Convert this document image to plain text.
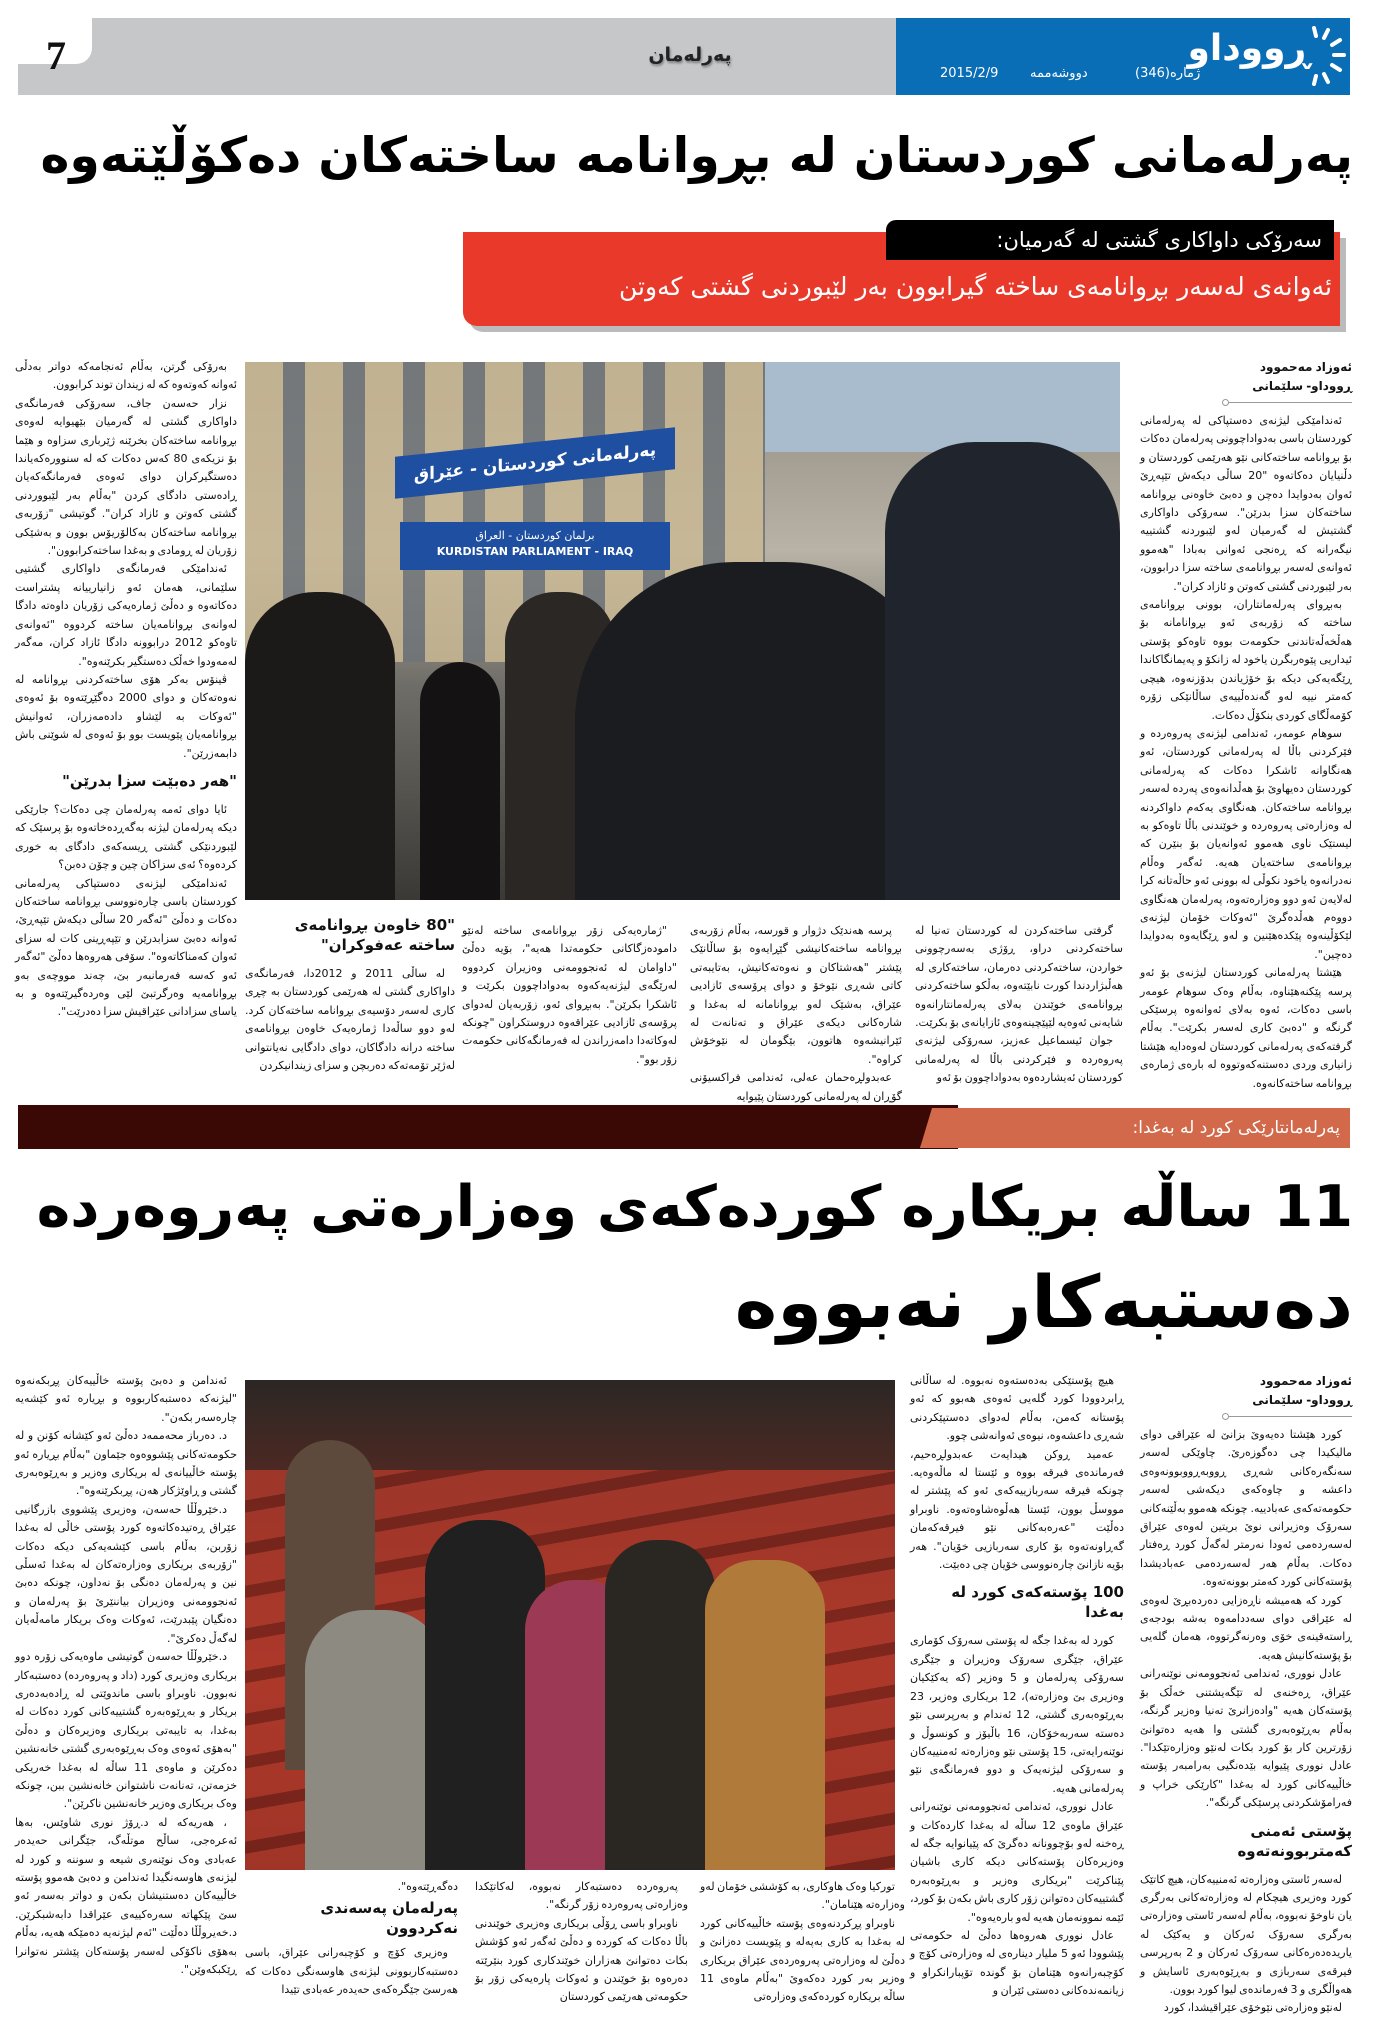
7	پەرلەمان	ڕووداو
ژمارە(346)
دووشەممە
2015/2/9
پەرلەمانی کوردستان لە بڕوانامە ساختەکان دەکۆڵێتەوە
سەرۆکی داواکاری گشتی لە گەرمیان:
ئەوانەی لەسەر بڕوانامەی ساختە گیرابوون بەر لێبوردنی گشتی کەوتن
ئەوزاد مەحموود
ڕووداو- سلێمانی

ئەندامێکی لیژنەی دەستپاکی لە پەرلەمانی کوردستان باسی بەدواداچوونی پەرلەمان دەکات بۆ بڕوانامە ساختەکانی نێو هەرێمی کوردستان و دڵنیایان دەکاتەوە "20 ساڵی دیکەش تێپەڕێ ئەوان بەدوایدا دەچن و دەبێ خاوەنی بڕوانامە ساختەکان سزا بدرێن". سەرۆکی داواکاری گشتیش لە گەرمیان لەو لێبوردنە گشتییە نیگەرانە کە ڕەنجی ئەوانی بەبادا "هەموو ئەوانەی لەسەر بڕوانامەی ساختە سزا درابوون، بەر لێبوردنی گشتی کەوتن و ئازاد کران".

بەبڕوای پەرلەمانتاران، بوونی بڕوانامەی ساختە کە زۆربەی ئەو بڕوانامانە بۆ هەڵخەڵەتاندنی حکومەت بووە تاوەکو پۆستی ئیداریی پێوەربگرن یاخود لە زانکۆ و پەیمانگاکاندا ڕێگەیەکی دیکە بۆ خۆژیاندن بدۆزنەوە، هیچی کەمتر نییە لەو گەندەڵییەی ساڵانێکی زۆرە کۆمەڵگای کوردی بنکۆڵ دەکات.

سوهام عومەر، ئەندامی لیژنەی پەروەردە و فێرکردنی باڵا لە پەرلەمانی کوردستان، ئەو هەنگاوانە ئاشکرا دەکات کە پەرلەمانی کوردستان دەیهاوێ بۆ هەڵدانەوەی پەردە لەسەر بڕوانامە ساختەکان. هەنگاوی یەکەم داواکردنە لە وەزارەتی پەروەردە و خوێندنی باڵا تاوەکو بە لیستێک ناوی هەموو ئەوانەیان بۆ بنێرن کە بڕوانامەی ساختەیان هەیە. ئەگەر وەڵام نەدرانەوە یاخود نکوڵی لە بوونی ئەو حاڵەتانە کرا لەلایەن ئەو دوو وەزارەتەوە، پەرلەمان هەنگاوی دووەم هەڵدەگرێ "ئەوکات خۆمان لیژنەی لێکۆڵینەوە پێکدەهێنین و لەو ڕێگایەوە بەدوایدا دەچین".

هێشتا پەرلەمانی کوردستان لیژنەی بۆ ئەو پرسە پێکنەهێناوە، بەڵام وەک سوهام عومەر باسی دەکات، ئەوە بەلای ئەوانەوە پرسێکی گرنگە و "دەبێ کاری لەسەر بکرێت". بەڵام گرفتەکەی پەرلەمانی کوردستان لەوەدایە هێشتا زانیاری وردی دەستنەکەوتووە لە بارەی ژمارەی بڕوانامە ساختەکانەوە.

پەرلەمانی کوردستان - عێراق
برلمان كوردستان - العراق
KURDISTAN PARLIAMENT - IRAQ

گرفتی ساختەکردن لە کوردستان تەنیا لە ساختەکردنی دراو، ڕۆژی بەسەرچوونی خواردن، ساختەکردنی دەرمان، ساختەکاری لە هەڵبژاردندا کورت نابێتەوە، بەڵکو ساختەکردنی بڕوانامەی خوێندن بەلای پەرلەمانتارانەوە شایەنی ئەوەیە لێپێچینەوەی ئازایانەی بۆ بکرێت.

جوان ئیسماعیل عەزیز، سەرۆکی لیژنەی پەروەردە و فێرکردنی باڵا لە پەرلەمانی کوردستان ئەیشاردەوە بەدواداچوون بۆ ئەو

پرسە هەندێک دژوار و قورسە، بەڵام زۆربەی بڕوانامە ساختەکانیشی گێڕایەوە بۆ ساڵانێک پێشتر "هەشتاکان و نەوەتەکانیش، بەتایبەتی کاتی شەڕی نێوخۆ و دوای پرۆسەی ئازادیی عێراق، بەشێک لەو بڕوانامانە لە بەغدا و شارەکانی دیکەی عێراق و تەنانەت لە ئێرانیشەوە هاتوون، بێگومان لە نێوخۆش کراوە".

عەبدولڕەحمان عەلی، ئەندامی فراکسیۆنی گۆڕان لە پەرلەمانی کوردستان پێیوایە

"ژمارەیەکی زۆر بڕوانامەی ساختە لەنێو دامودەزگاکانی حکومەتدا هەیە"، بۆیە دەڵێ "داوامان لە ئەنجوومەنی وەزیران کردووە لەرێگەی لیژنەیەکەوە بەدواداچوون بکرێت و ئاشکرا بکرێن". بەبڕوای ئەو، زۆربەیان لەدوای پرۆسەی ئازادیی عێراقەوە دروستکراون "چونکە لەوکاتەدا دامەزراندن لە فەرمانگەکانی حکومەت زۆر بوو".

"80 خاوەن بڕوانامەی ساختە عەفوکران"

لە ساڵی 2011 و 2012دا، فەرمانگەی داواکاری گشتی لە هەرێمی کوردستان بە چڕی کاری لەسەر دۆسیەی بڕوانامە ساختەکان کرد. لەو دوو ساڵەدا ژمارەیەک خاوەن بڕوانامەی ساختە درانە دادگاکان، دوای دادگایی نەیانتوانی لەژێر تۆمەتەکە دەربچن و سزای زیندانیکردن

بەرۆکی گرتن، بەڵام ئەنجامەکە دواتر بەدڵی ئەوانە کەوتەوە کە لە زیندان توند کرابوون.

نزار حەسەن جاف، سەرۆکی فەرمانگەی داواکاری گشتی لە گەرمیان بێهیوایە لەوەی بڕوانامە ساختەکان بخرێنە ژێرباری سزاوە و هێما بۆ نزیکەی 80 کەس دەکات کە لە سنوورەکەیاندا دەستگیرکران دوای ئەوەی فەرمانگەکەیان ڕادەستی دادگای کردن "بەڵام بەر لێبووردنی گشتی کەوتن و ئازاد کران". گوتیشی "زۆربەی بڕوانامە ساختەکان بەکالۆریۆس بوون و بەشێکی زۆریان لە ڕومادی و بەغدا ساختەکرابوون".

ئەندامێکی فەرمانگەی داواکاری گشتیی سلێمانی، هەمان ئەو زانیارییانە پشتراست دەکاتەوە و دەڵێ ژمارەیەکی زۆریان داوەتە دادگا لەوانەی بڕوانامەیان ساختە کردووە "ئەوانەی تاوەکو 2012 درابوونە دادگا ئازاد کران، مەگەر لەمەودوا خەڵک دەستگیر بکرێنەوە".

ڤینۆس بەکر هۆی ساختەکردنی بڕوانامە لە نەوەتەکان و دوای 2000 دەگێڕێتەوە بۆ ئەوەی "ئەوکات بە لێشاو دادەمەزران، ئەوانیش بڕوانامەیان پێویست بوو بۆ ئەوەی لە شوێنی باش دابمەزرێن".

"هەر دەبێت سزا بدرێن"

ئایا دوای ئەمە پەرلەمان چی دەکات؟ جارێکی دیکە پەرلەمان لیژنە بەگەڕدەخاتەوە بۆ پرسێک کە لێبوردنێکی گشتی ڕیسەکەی دادگای بە خوری کردەوە؟ ئەی سزاکان چین و چۆن دەبن؟

ئەندامێکی لیژنەی دەستپاکی پەرلەمانی کوردستان باسی چارەنووسی بڕوانامە ساختەکان دەکات و دەڵێ "ئەگەر 20 ساڵی دیکەش تێپەڕێ، ئەوانە دەبێ سزابدرێن و تێپەڕینی کات لە سزای ئەوان کەمناکاتەوە". سۆفی هەروەها دەڵێ "ئەگەر ئەو کەسە فەرمانبەر بێ، چەند مووچەی بەو بڕوانامەیە وەرگرتبێ لێی وەردەگیرێتەوە و بە یاسای سزادانی عێراقیش سزا دەدرێت".

پەرلەمانتارێکی کورد لە بەغدا:
11 ساڵە بریکارە کوردەکەی وەزارەتی پەروەردە
دەستبەکار نەبووە
ئەوزاد مەحموود
ڕووداو- سلێمانی

کورد هێشتا دەیەوێ بزانێ لە عێراقی دوای مالیکیدا چی دەگوزەرێ. چاوێکی لەسەر سەنگەرەکانی شەڕی ڕووبەڕووبوونەوەی داعشە و چاوەکەی دیکەشی لەسەر حکومەتەکەی عەبادییە. چونکە هەموو بەڵێنەکانی سەرۆک وەزیرانی نوێ بریتین لەوەی عێراق لەسەردەمی ئەودا نەرمتر لەگەڵ کورد ڕەفتار دەکات. بەڵام هەر لەسەردەمی عەبادیشدا پۆستەکانی کورد کەمتر بوونەتەوە.

کورد کە هەمیشە ناڕەزایی دەردەبڕێ لەوەی لە عێراقی دوای سەددامەوە بەشە بودجەی ڕاستەقینەی خۆی وەرنەگرتووە، هەمان گلەیی بۆ پۆستەکانیش هەیە.

عادل نووری، ئەندامی ئەنجوومەنی نوێنەرانی عێراق، ڕەخنەی لە تێگەیشتنی خەڵک بۆ پۆستەکان هەیە "وادەزانرێ تەنیا وەزیر گرنگە، بەڵام بەڕێوەبەری گشتی وا هەیە دەتوانێ زۆرترین کار بۆ کورد بکات لەنێو وەزارەتێکدا". عادل نووری پێیوایە بێدەنگیی بەرامبەر پۆستە خاڵییەکانی کورد لە بەغدا "کارێکی خراپ و فەرامۆشکردنی پرسێکی گرنگە".

پۆستی ئەمنی کەمتربوونەتەوە

لەسەر ئاستی وەزارەتە ئەمنییەکان، هیچ کاتێک کورد وەزیری هیچکام لە وەزارەتەکانی بەرگری یان ناوخۆ نەبووە، بەڵام لەسەر ئاستی وەزارەتی بەرگری سەرۆک ئەرکان و یەکێک لە یاریدەدەرەکانی سەرۆک ئەرکان و 2 بەرپرسی فیرقەی سەربازی و بەڕێوەبەری ئاسایش و هەواڵگری و 3 فەرماندەی لیوا کورد بوون.

لەنێو وەزارەتی نێوخۆی عێراقیشدا، کورد

هیچ پۆستێکی بەدەستەوە نەبووە. لە ساڵانی ڕابردوودا کورد گلەیی ئەوەی هەبوو کە ئەو پۆستانە کەمن، بەڵام لەدوای دەستپێکردنی شەڕی داعشەوە، نیوەی ئەوانەشی چوو.

عەمید ڕوکن هیدایەت عەبدولڕەحیم، فەرماندەی فیرقە بووە و ئێستا لە ماڵەوەیە. چونکە فیرقە سەربازییەکەی ئەو کە پێشتر لە مووسڵ بوون، ئێستا هەڵوەشاوەتەوە. ناوبراو دەڵێت "عەرەبەکانی نێو فیرقەکەمان گەڕاونەتەوە بۆ کاری سەربازیی خۆیان". هەر بۆیە نازانێ چارەنووسی خۆیان چی دەبێت.

100 پۆستەکەی کورد لە بەغدا

کورد لە بەغدا جگە لە پۆستی سەرۆک کۆماری عێراق، جێگری سەرۆک وەزیران و جێگری سەرۆکی پەرلەمان و 5 وەزیر (کە یەکێکیان وەزیری بێ وەزارەتە)، 12 بریکاری وەزیر، 23 بەڕێوەبەری گشتی، 12 ئەندام و بەرپرسی نێو دەستە سەربەخۆکان، 16 باڵیۆز و کونسوڵ و نوێنەرایەتی، 15 پۆستی نێو وەزارەتە ئەمنییەکان و سەرۆکی لیژنەیەک و دوو فەرمانگەی نێو پەرلەمانی هەیە.

عادل نووری، ئەندامی ئەنجوومەنی نوێنەرانی عێراق ماوەی 12 ساڵە لە بەغدا کاردەکات و ڕەخنە لەو بۆچوونانە دەگرێ کە پێیانوایە جگە لە وەزیرەکان پۆستەکانی دیکە کاری باشیان پێناکرێت "بریکاری وەزیر و بەڕێوەبەرە گشتییەکان دەتوانن زۆر کاری باش بکەن بۆ کورد، ئێمە نموونەمان هەیە لەو بارەیەوە".

عادل نووری هەروەها دەڵێ لە حکومەتی پێشوودا ئەو 5 ملیار دینارەی لە وەزارەتی کۆچ و کۆچبەرانەوە هێنامان بۆ گوندە تۆپبارانکراو و زیانمەندەکانی دەستی ئێران و

تورکیا وەک هاوکاری، بە کۆششی خۆمان لەو وەزارەتە هێنامان".

ناوبراو پڕکردنەوەی پۆستە خاڵییەکانی کورد لە بەغدا بە کاری بەپەلە و پێویست دەزانێ و دەڵێ لە وەزارەتی پەروەردەی عێراق بریکاری وەزیر بەر کورد دەکەوێ "بەڵام ماوەی 11 ساڵە بریکارە کوردەکەی وەزارەتی

پەروەردە دەستبەکار نەبووە، لەکاتێکدا وەزارەتی پەروەردە زۆر گرنگە".

ناوبراو باسی ڕۆڵی بریکاری وەزیری خوێندنی باڵا دەکات کە کوردە و دەڵێ ئەگەر ئەو کۆشش بکات دەتوانێ هەزاران خوێندکاری کورد بنێرێتە دەرەوە بۆ خوێندن و ئەوکات پارەیەکی زۆر بۆ حکومەتی هەرێمی کوردستان

دەگەڕێتەوە".
پەرلەمان پەسەندی نەکردوون

وەزیری کۆچ و کۆچبەرانی عێراق، باسی دەستبەکاربوونی لیژنەی هاوسەنگی دەکات کە هەرسێ جێگرەکەی حەیدەر عەبادی تێیدا

ئەندامن و دەبێ پۆستە خاڵییەکان پڕبکەنەوە "لیژنەکە دەستبەکاربووە و بڕیارە ئەو کێشەیە چارەسەر بکەن".

د. دەرباز محەممەد دەڵێ ئەو کێشانە کۆنن و لە حکومەتەکانی پێشووەوە جێماون "بەڵام بڕیارە ئەو پۆستە خاڵییانەی لە بریکاری وەزیر و بەڕێوەبەری گشتی و ڕاوێژکار هەن، پڕبکرێنەوە".

د.خێروڵڵا حەسەن، وەزیری پێشووی بازرگانیی عێراق ڕەتیدەکاتەوە کورد پۆستی خاڵی لە بەغدا زۆربن، بەڵام باسی کێشەیەکی دیکە دەکات "زۆربەی بریکاری وەزارەتەکان لە بەغدا ئەسڵی نین و پەرلەمان دەنگی بۆ نەداون، چونکە دەبێ ئەنجوومەنی وەزیران بیاننێرێ بۆ پەرلەمان و دەنگیان پێبدرێت، ئەوکات وەک بریکار مامەڵەیان لەگەڵ دەکرێ".

د.خێروڵڵا حەسەن گوتیشی ماوەیەکی زۆرە دوو بریکاری وەزیری کورد (داد و پەروەردە) دەستبەکار نەبوون. ناوبراو باسی ماندوێتی لە ڕادەبەدەری بریکار و بەڕێوەبەرە گشتییەکانی کورد دەکات لە بەغدا، بە تایبەتی بریکاری وەزیرەکان و دەڵێ "بەهۆی ئەوەی وەک بەڕێوەبەری گشتی خانەنشین دەکرێن و ماوەی 11 ساڵە لە بەغدا خەریکی خزمەتن، تەنانەت ناشتوانن خانەنشین ببن، چونکە وەک بریکاری وەزیر خانەنشین ناکرێن".

، هەریەکە لە د.ڕۆژ نوری شاوێس، بەها ئەعرەجی، ساڵح موتڵەگ، جێگرانی حەیدەر عەبادی وەک نوێنەری شیعە و سوننە و کورد لە لیژنەی هاوسەنگیدا ئەندامن و دەبێ هەموو پۆستە خاڵییەکان دەستنیشان بکەن و دواتر بەسەر ئەو سێ پێکهاتە سەرەکییەی عێراقدا دابەشبکرێن. د.خەیروڵڵا دەڵێت "ئەم لیژنەیە دەمێکە هەیە، بەڵام بەهۆی ناکۆکی لەسەر پۆستەکان پێشتر نەتوانرا ڕێکبکەوێن".
